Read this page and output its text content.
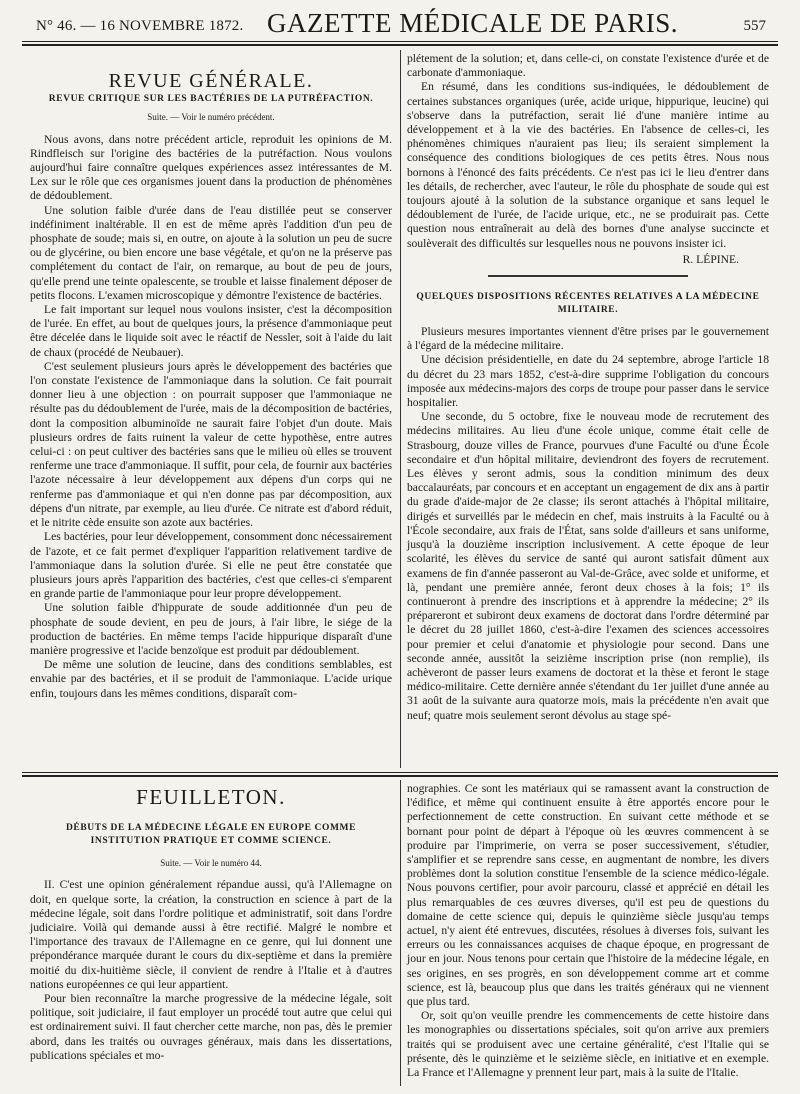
N° 46. — 16 NOVEMBRE 1872. GAZETTE MÉDICALE DE PARIS.	557
REVUE GÉNÉRALE.
REVUE CRITIQUE SUR LES BACTÉRIES DE LA PUTRÉFACTION.
Suite. — Voir le numéro précédent.

Nous avons, dans notre précédent article, reproduit les opinions de M. Rindfleisch sur l'origine des bactéries de la putréfaction. Nous voulons aujourd'hui faire connaître quelques expériences assez intéressantes de M. Lex sur le rôle que ces organismes jouent dans la production de phénomènes de dédoublement.

Une solution faible d'urée dans de l'eau distillée peut se conserver indéfiniment inaltérable. Il en est de même après l'addition d'un peu de phosphate de soude; mais si, en outre, on ajoute à la solution un peu de sucre ou de glycérine, ou bien encore une base végétale, et qu'on ne la préserve pas complétement du contact de l'air, on remarque, au bout de peu de jours, qu'elle prend une teinte opalescente, se trouble et laisse finalement déposer de petits flocons. L'examen microscopique y démontre l'existence de bactéries.

Le fait important sur lequel nous voulons insister, c'est la décomposition de l'urée. En effet, au bout de quelques jours, la présence d'ammoniaque peut être décelée dans le liquide soit avec le réactif de Nessler, soit à l'aide du lait de chaux (procédé de Neubauer).

C'est seulement plusieurs jours après le développement des bactéries que l'on constate l'existence de l'ammoniaque dans la solution. Ce fait pourrait donner lieu à une objection : on pourrait supposer que l'ammoniaque ne résulte pas du dédoublement de l'urée, mais de la décomposition de bactéries, dont la composition albuminoïde ne saurait faire l'objet d'un doute. Mais plusieurs ordres de faits ruinent la valeur de cette hypothèse, entre autres celui-ci : on peut cultiver des bactéries sans que le milieu où elles se trouvent renferme une trace d'ammoniaque. Il suffit, pour cela, de fournir aux bactéries l'azote nécessaire à leur développement aux dépens d'un corps qui ne renferme pas d'ammoniaque et qui n'en donne pas par décomposition, aux dépens d'un nitrate, par exemple, au lieu d'urée. Ce nitrate est d'abord réduit, et le nitrite cède ensuite son azote aux bactéries.

Les bactéries, pour leur développement, consomment donc nécessairement de l'azote, et ce fait permet d'expliquer l'apparition relativement tardive de l'ammoniaque dans la solution d'urée. Si elle ne peut être constatée que plusieurs jours après l'apparition des bactéries, c'est que celles-ci s'emparent en grande partie de l'ammoniaque pour leur propre développement.

Une solution faible d'hippurate de soude additionnée d'un peu de phosphate de soude devient, en peu de jours, à l'air libre, le siége de la production de bactéries. En même temps l'acide hippurique disparaît d'une manière progressive et l'acide benzoïque est produit par dédoublement.

De même une solution de leucine, dans des conditions semblables, est envahie par des bactéries, et il se produit de l'ammoniaque. L'acide urique enfin, toujours dans les mêmes conditions, disparaît com-

plétement de la solution; et, dans celle-ci, on constate l'existence d'urée et de carbonate d'ammoniaque.

En résumé, dans les conditions sus-indiquées, le dédoublement de certaines substances organiques (urée, acide urique, hippurique, leucine) qui s'observe dans la putréfaction, serait lié d'une manière intime au développement et à la vie des bactéries. En l'absence de celles-ci, les phénomènes chimiques n'auraient pas lieu; ils seraient simplement la conséquence des conditions biologiques de ces petits êtres. Nous nous bornons à l'énoncé des faits précédents. Ce n'est pas ici le lieu d'entrer dans les détails, de rechercher, avec l'auteur, le rôle du phosphate de soude qui est toujours ajouté à la solution de la substance organique et sans lequel le dédoublement de l'urée, de l'acide urique, etc., ne se produirait pas. Cette question nous entraînerait au delà des bornes d'une analyse succincte et soulèverait des difficultés sur lesquelles nous ne pouvons insister ici.

R. LÉPINE.
QUELQUES DISPOSITIONS RÉCENTES RELATIVES A LA MÉDECINE MILITAIRE.

Plusieurs mesures importantes viennent d'être prises par le gouvernement à l'égard de la médecine militaire.

Une décision présidentielle, en date du 24 septembre, abroge l'article 18 du décret du 23 mars 1852, c'est-à-dire supprime l'obligation du concours imposée aux médecins-majors des corps de troupe pour passer dans le service hospitalier.

Une seconde, du 5 octobre, fixe le nouveau mode de recrutement des médecins militaires. Au lieu d'une école unique, comme était celle de Strasbourg, douze villes de France, pourvues d'une Faculté ou d'une École secondaire et d'un hôpital militaire, deviendront des foyers de recrutement. Les élèves y seront admis, sous la condition minimum des deux baccalauréats, par concours et en acceptant un engagement de dix ans à partir du grade d'aide-major de 2e classe; ils seront attachés à l'hôpital militaire, dirigés et surveillés par le médecin en chef, mais instruits à la Faculté ou à l'École secondaire, aux frais de l'État, sans solde d'ailleurs et sans uniforme, jusqu'à la douzième inscription inclusivement. A cette époque de leur scolarité, les élèves du service de santé qui auront satisfait dûment aux examens de fin d'année passeront au Val-de-Grâce, avec solde et uniforme, et là, pendant une première année, feront deux choses à la fois; 1° ils continueront à prendre des inscriptions et à apprendre la médecine; 2° ils prépareront et subiront deux examens de doctorat dans l'ordre déterminé par le décret du 28 juillet 1860, c'est-à-dire l'examen des sciences accessoires pour premier et celui d'anatomie et physiologie pour second. Dans une seconde année, aussitôt la seizième inscription prise (non remplie), ils achèveront de passer leurs examens de doctorat et la thèse et feront le stage médico-militaire. Cette dernière année s'étendant du 1er juillet d'une année au 31 août de la suivante aura quatorze mois, mais la précédente n'en avait que neuf; quatre mois seulement seront dévolus au stage spé-

FEUILLETON.
DÉBUTS DE LA MÉDECINE LÉGALE EN EUROPE COMME INSTITUTION PRATIQUE ET COMME SCIENCE.
Suite. — Voir le numéro 44.

II. C'est une opinion généralement répandue aussi, qu'à l'Allemagne on doit, en quelque sorte, la création, la construction en science à part de la médecine légale, soit dans l'ordre politique et administratif, soit dans l'ordre judiciaire. Voilà qui demande aussi à être rectifié. Malgré le nombre et l'importance des travaux de l'Allemagne en ce genre, qui lui donnent une prépondérance marquée durant le cours du dix-septième et dans la première moitié du dix-huitième siècle, il convient de rendre à l'Italie et à d'autres nations européennes ce qui leur appartient.

Pour bien reconnaître la marche progressive de la médecine légale, soit politique, soit judiciaire, il faut employer un procédé tout autre que celui qui est ordinairement suivi. Il faut chercher cette marche, non pas, dès le premier abord, dans les traités ou ouvrages généraux, mais dans les dissertations, publications spéciales et mo-

nographies. Ce sont les matériaux qui se ramassent avant la construction de l'édifice, et même qui continuent ensuite à être apportés encore pour le perfectionnement de cette construction. En suivant cette méthode et se bornant pour point de départ à l'époque où les œuvres commencent à se produire par l'imprimerie, on verra se poser successivement, s'étudier, s'amplifier et se reprendre sans cesse, en augmentant de nombre, les divers problèmes dont la solution constitue l'ensemble de la science médico-légale. Nous pouvons certifier, pour avoir parcouru, classé et apprécié en détail les plus remarquables de ces œuvres diverses, qu'il est peu de questions du domaine de cette science qui, depuis le quinzième siècle jusqu'au temps actuel, n'y aient été entrevues, discutées, résolues à diverses fois, suivant les erreurs ou les connaissances acquises de chaque époque, en progressant de jour en jour. Nous tenons pour certain que l'histoire de la médecine légale, en ses origines, en ses progrès, en son développement comme art et comme science, est là, beaucoup plus que dans les traités généraux qui ne viennent que plus tard.

Or, soit qu'on veuille prendre les commencements de cette histoire dans les monographies ou dissertations spéciales, soit qu'on arrive aux premiers traités qui se produisent avec une certaine généralité, c'est l'Italie qui se présente, dès le quinzième et le seizième siècle, en initiative et en exemple. La France et l'Allemagne y prennent leur part, mais à la suite de l'Italie.
